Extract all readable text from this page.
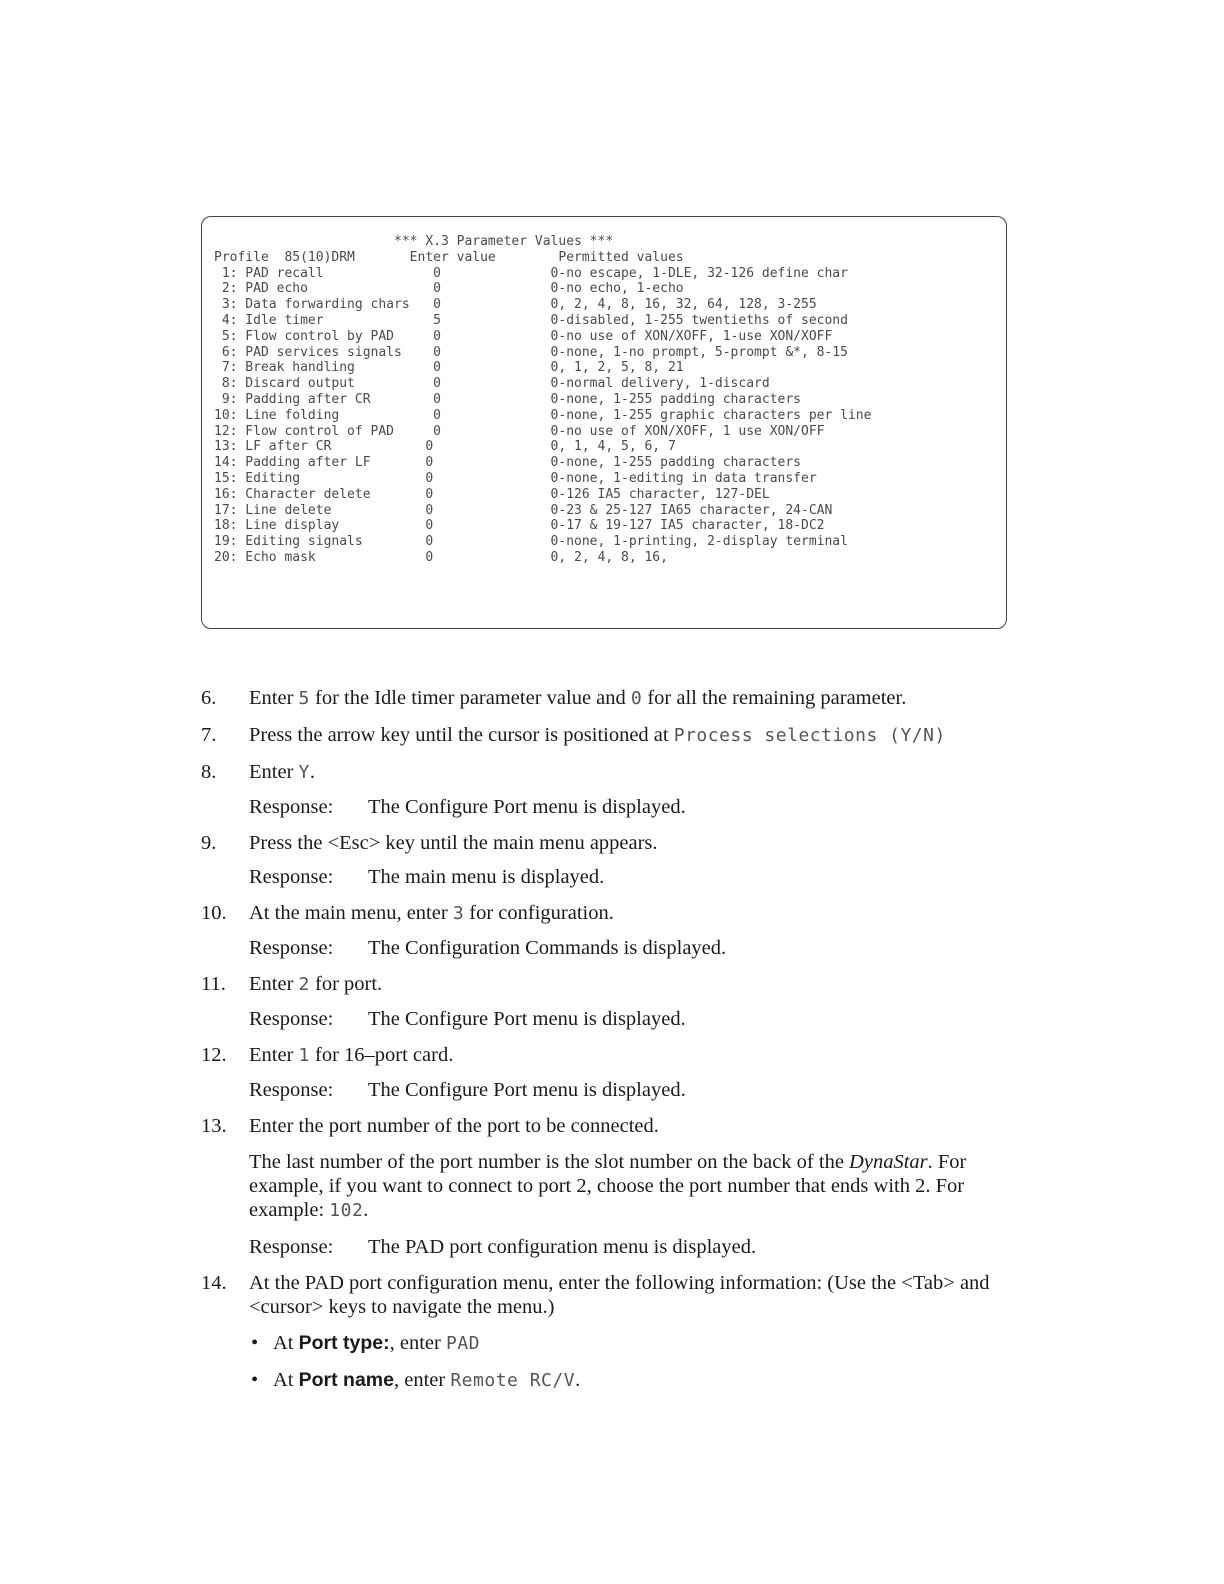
*** X.3 Parameter Values ***
Profile  85(10)DRM       Enter value        Permitted values
1: PAD recall              0              0-no escape, 1-DLE, 32-126 define char
2: PAD echo                0              0-no echo, 1-echo
3: Data forwarding chars   0              0, 2, 4, 8, 16, 32, 64, 128, 3-255
4: Idle timer              5              0-disabled, 1-255 twentieths of second
5: Flow control by PAD     0              0-no use of XON/XOFF, 1-use XON/XOFF
6: PAD services signals    0              0-none, 1-no prompt, 5-prompt &*, 8-15
7: Break handling          0              0, 1, 2, 5, 8, 21
8: Discard output          0              0-normal delivery, 1-discard
9: Padding after CR        0              0-none, 1-255 padding characters
10: Line folding            0              0-none, 1-255 graphic characters per line
12: Flow control of PAD     0              0-no use of XON/XOFF, 1 use XON/OFF
13: LF after CR            0               0, 1, 4, 5, 6, 7
14: Padding after LF       0               0-none, 1-255 padding characters
15: Editing                0               0-none, 1-editing in data transfer
16: Character delete       0               0-126 IA5 character, 127-DEL
17: Line delete            0               0-23 & 25-127 IA65 character, 24-CAN
18: Line display           0               0-17 & 19-127 IA5 character, 18-DC2
19: Editing signals        0               0-none, 1-printing, 2-display terminal
20: Echo mask              0               0, 2, 4, 8, 16,
6. Enter 5 for the Idle timer parameter value and 0 for all the remaining parameter.
7. Press the arrow key until the cursor is positioned at Process selections (Y/N)
8. Enter Y.
Response: The Configure Port menu is displayed.
9. Press the <Esc> key until the main menu appears.
Response: The main menu is displayed.
10. At the main menu, enter 3 for configuration.
Response: The Configuration Commands is displayed.
11. Enter 2 for port.
Response: The Configure Port menu is displayed.
12. Enter 1 for 16–port card.
Response: The Configure Port menu is displayed.
13. Enter the port number of the port to be connected.
The last number of the port number is the slot number on the back of the DynaStar. For example, if you want to connect to port 2, choose the port number that ends with 2. For example: 102.
Response: The PAD port configuration menu is displayed.
14. At the PAD port configuration menu, enter the following information: (Use the <Tab> and <cursor> keys to navigate the menu.)
• At Port type:, enter PAD
• At Port name, enter Remote RC/V.
